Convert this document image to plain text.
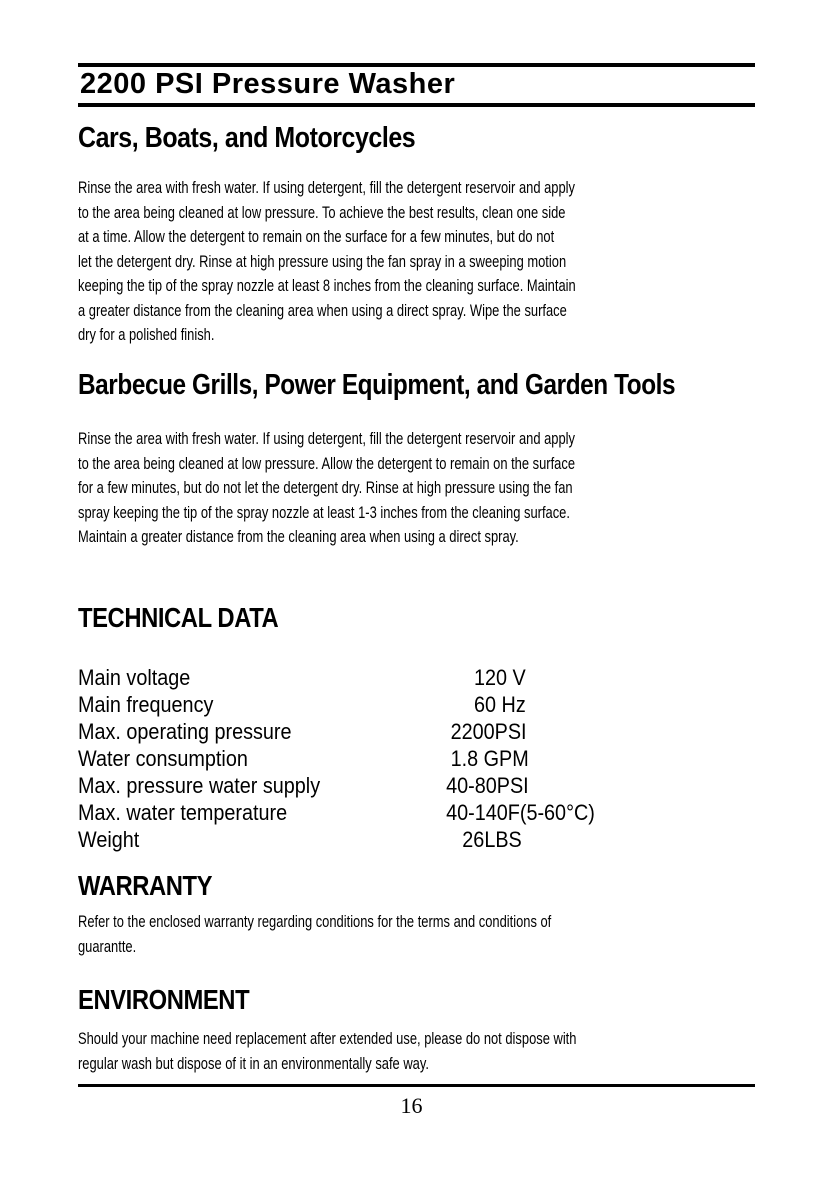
2200 PSI Pressure Washer
Cars, Boats, and Motorcycles
Rinse the area with fresh water. If using detergent, fill the detergent reservoir and apply
to the area being cleaned at low pressure. To achieve the best results, clean one side
at a time. Allow the detergent to remain on the surface for a few minutes, but do not
let the detergent dry. Rinse at high pressure using the fan spray in a sweeping motion
keeping the tip of the spray nozzle at least 8 inches from the cleaning surface. Maintain
a greater distance from the cleaning area when using a direct spray. Wipe the surface
dry for a polished finish.
Barbecue Grills, Power Equipment, and Garden Tools
Rinse the area with fresh water. If using detergent, fill the detergent reservoir and apply
to the area being cleaned at low pressure. Allow the detergent to remain on the surface
for a few minutes, but do not let the detergent dry. Rinse at high pressure using the fan
spray keeping the tip of the spray nozzle at least 1-3 inches from the cleaning surface.
Maintain a greater distance from the cleaning area when using a direct spray.
TECHNICAL DATA
Main voltage	120 V
Main frequency	60 Hz
Max. operating pressure	2200PSI
Water consumption	1.8 GPM
Max. pressure water supply	40-80PSI
Max. water temperature	40-140F(5-60°C)
Weight	26LBS
WARRANTY
Refer to the enclosed warranty regarding conditions for the terms and conditions of
guarantte.
ENVIRONMENT
Should your machine need replacement after extended use, please do not dispose with
regular wash but dispose of it in an environmentally safe way.
16
